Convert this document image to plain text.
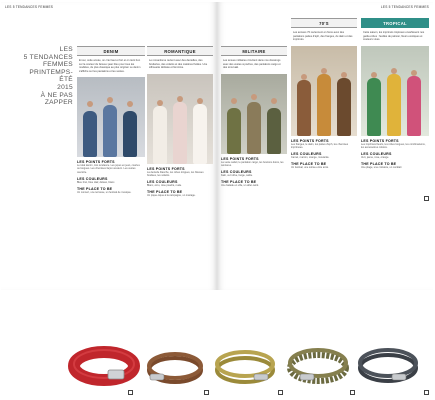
LES 5 TENDANCES FEMMES
LES
5 TENDANCES
FEMMES
PRINTEMPS-
ÉTÉ
2015
À NE PAS
ZAPPER
DENIM
Et oui, cette année, on crie haut et fort et on tient bon sur la couleur du fameux jean bleu pour tous les modèles, du plus classique au plus original. Le denim s'affiche sur les pantalons et les vestes.
LES POINTS FORTS
Le total denim, très tendance. Les jupes en jean, courtes ou longues. Les chemises façon western. Les vestes oversize.
LES COULEURS
Bleu brut, bleu clair, délavé, blanc.
THE PLACE TO BE
Un concert, une terrasse, un festival de musique.
ROMANTIQUE
Le romantisme revient avec des dentelles, des broderies, des volants et des matières fluides. Une silhouette délicate et féminine.
LES POINTS FORTS
La dentelle blanche, les robes longues, les blouses brodées, les volants.
LES COULEURS
Blanc, écru, rose poudré, nude.
THE PLACE TO BE
Un pique-nique à la campagne, un mariage.
LES 5 TENDANCES FEMMES
MILITAIRE
Les tenues militaires s'invitent dans nos dressings avec des vestes à poches, des pantalons cargo et des tons kaki.
LES POINTS FORTS
La veste safari, le pantalon cargo, les boutons dorés, les ceintures.
LES COULEURS
Kaki, vert olive, beige, sable.
THE PLACE TO BE
Une balade en ville, un after-work.
70'S
Les années 70 reviennent en force avec des pantalons pattes d'éph, des franges, du daim et des imprimés.
LES POINTS FORTS
Les franges, le daim, les pattes d'éph, les chemises imprimées.
LES COULEURS
Camel, marron, orange, moutarde.
THE PLACE TO BE
Un festival, une soirée entre amis.
TROPICAL
Cette saison, les imprimés tropicaux envahissent nos garde-robes : feuilles de palmier, fleurs exotiques et couleurs vives.
LES POINTS FORTS
Les imprimés fleuris, les robes longues, les combinaisons, les accessoires colorés.
LES COULEURS
Vert, jaune, rose, orange.
THE PLACE TO BE
Une plage, une croisière, un cocktail.
